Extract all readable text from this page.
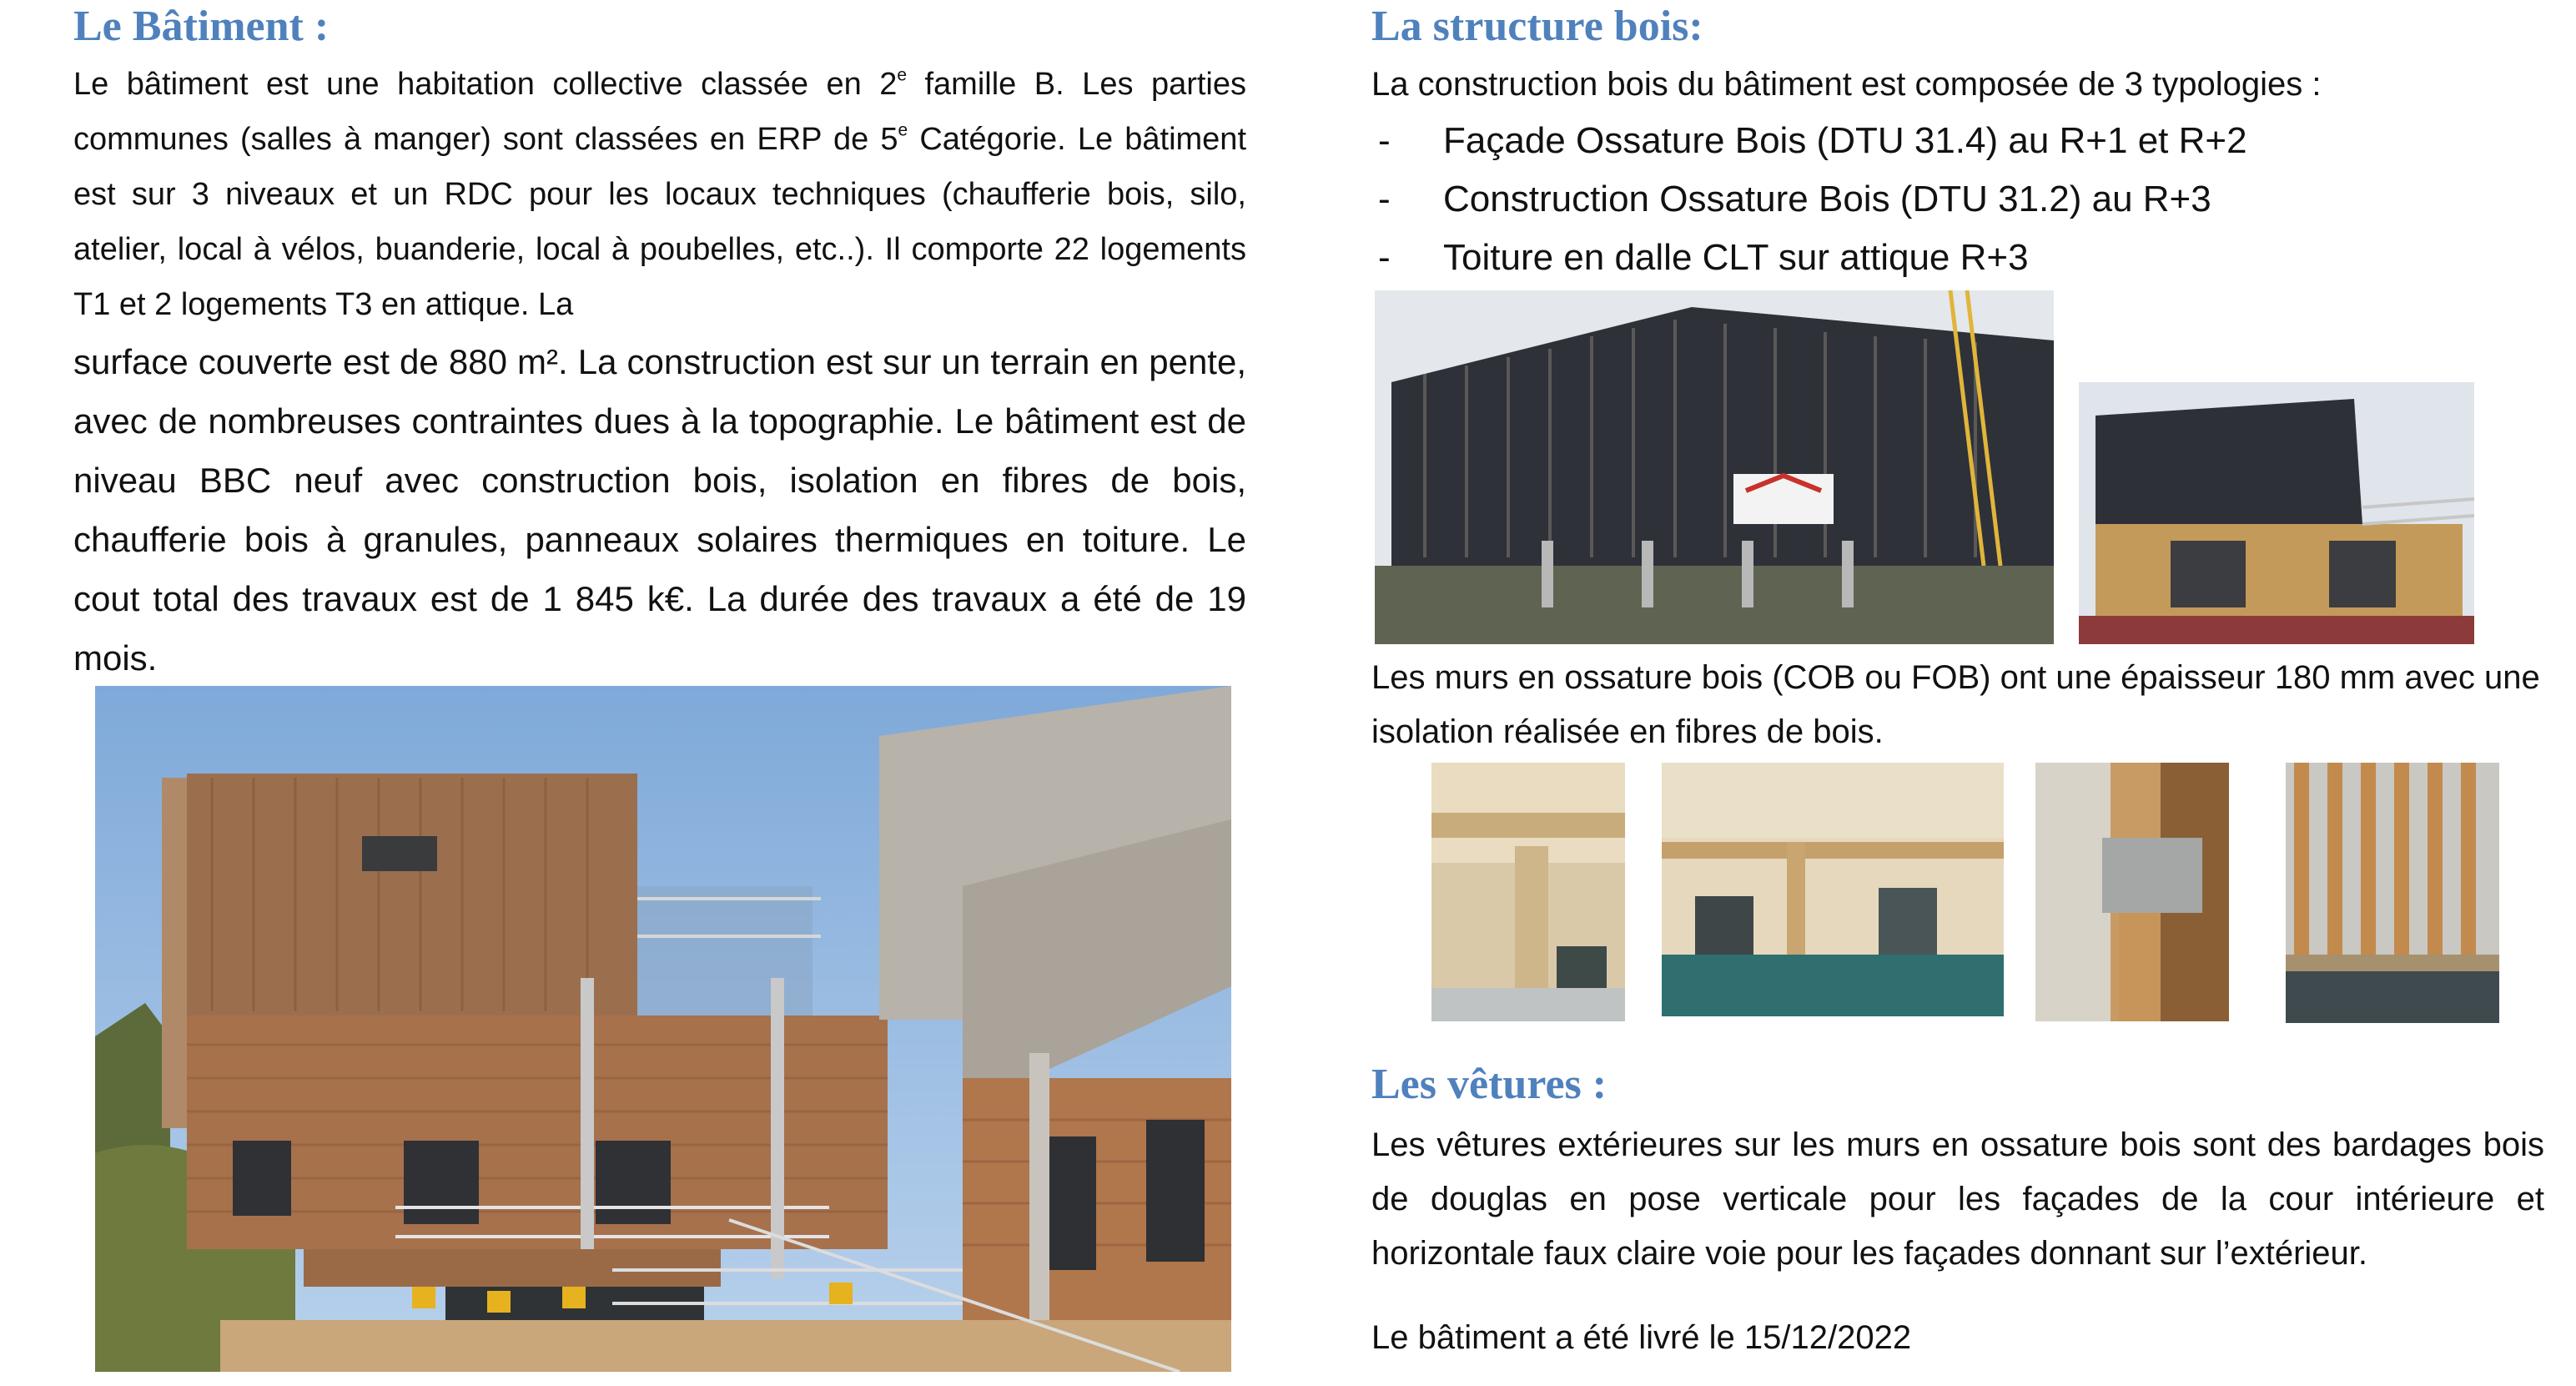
Le Bâtiment :

Le bâtiment est une habitation collective classée en 2e famille B. Les parties communes (salles à manger) sont classées en ERP de 5e Catégorie. Le bâtiment est sur 3 niveaux et un RDC pour les locaux techniques (chaufferie bois, silo, atelier, local à vélos, buanderie, local à poubelles, etc..). Il comporte 22 logements T1 et 2 logements T3 en attique. La

surface couverte est de 880 m². La construction est sur un terrain en pente, avec de nombreuses contraintes dues à la topographie. Le bâtiment est de niveau BBC neuf avec construction bois, isolation en fibres de bois, chaufferie bois à granules, panneaux solaires thermiques en toiture. Le cout total des travaux est de 1 845 k€. La durée des travaux a été de 19 mois.

La structure bois:

La construction bois du bâtiment est composée de 3 typologies :

- Façade Ossature Bois (DTU 31.4) au R+1 et R+2
- Construction Ossature Bois (DTU 31.2) au R+3
- Toiture en dalle CLT sur attique R+3

Les murs en ossature bois (COB ou FOB) ont une épaisseur 180 mm avec une isolation réalisée en fibres de bois.

Les vêtures :

Les vêtures extérieures sur les murs en ossature bois sont des bardages bois de douglas en pose verticale pour les façades de la cour intérieure et horizontale faux claire voie pour les façades donnant sur l’extérieur.

Le bâtiment a été livré le 15/12/2022
